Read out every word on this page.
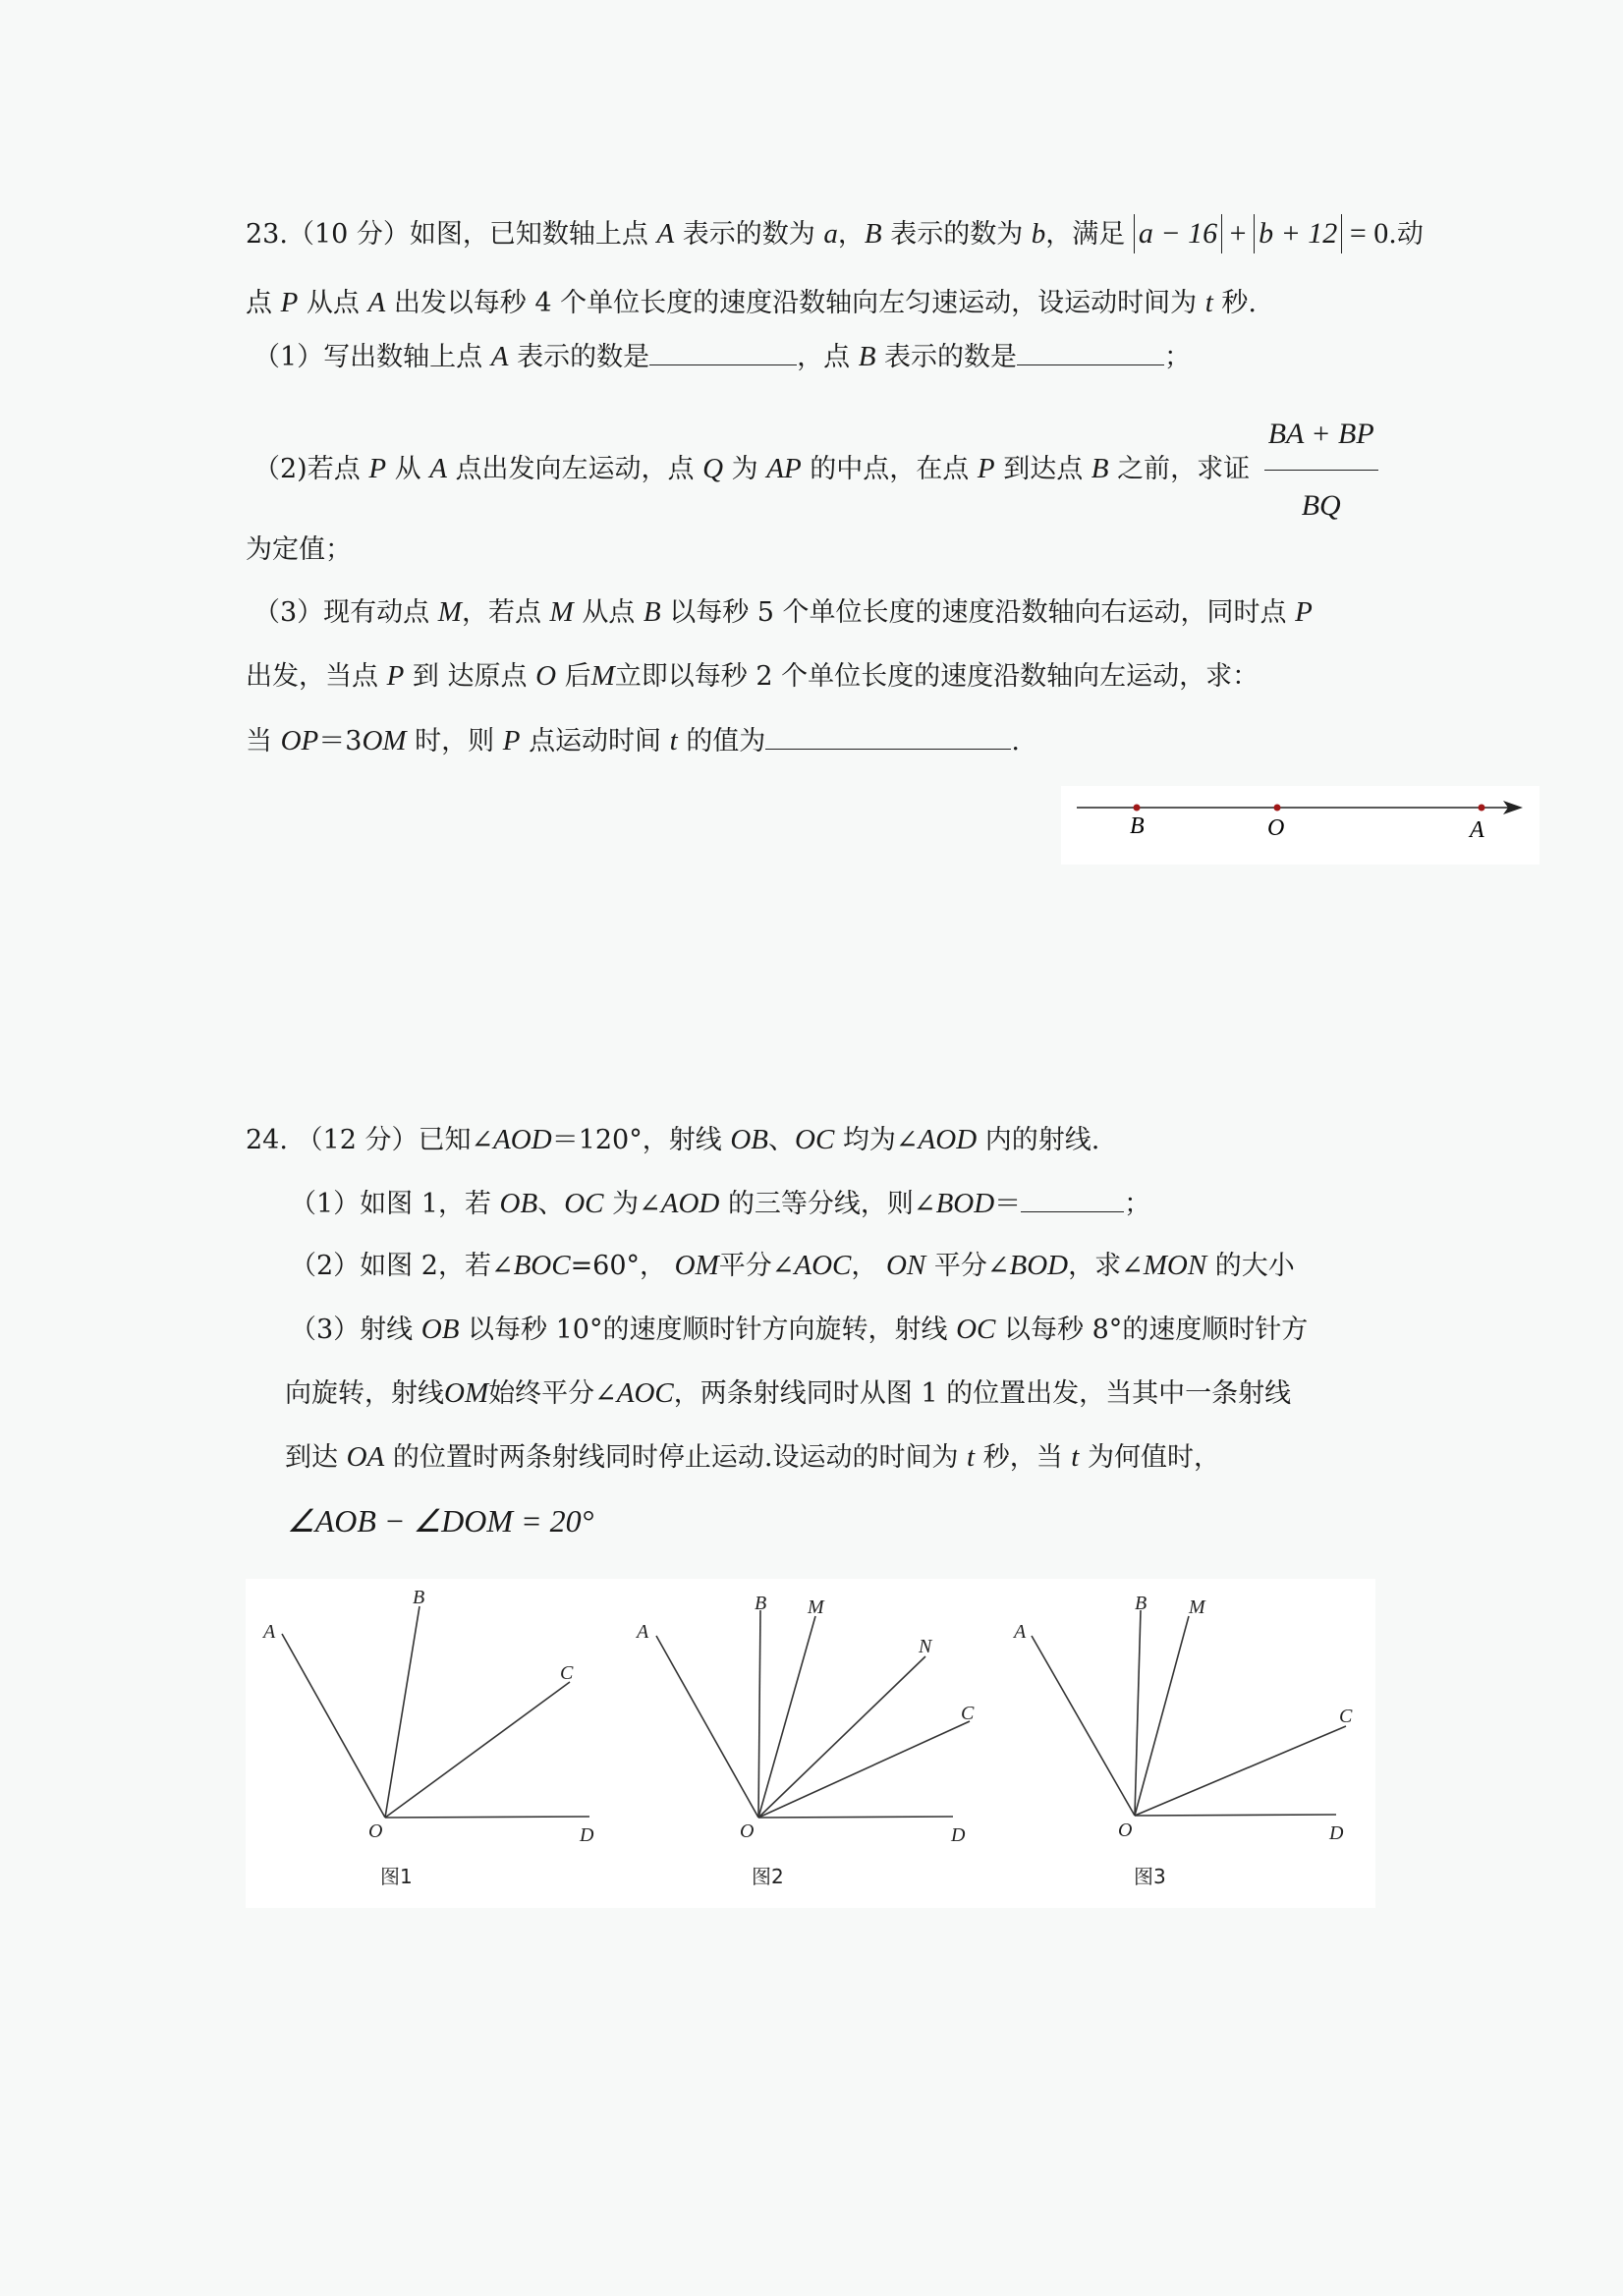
23.（10 分）如图，已知数轴上点 A 表示的数为 a，B 表示的数为 b，满足 a − 16 + b + 12 = 0.动
点 P 从点 A 出发以每秒 4 个单位长度的速度沿数轴向左匀速运动，设运动时间为 t 秒.
（1）写出数轴上点 A 表示的数是	，点 B 表示的数是	；
（2)若点 P 从 A 点出发向左运动，点 Q 为 AP 的中点，在点 P 到达点 B 之前，求证 $\frac{BA + BP}{BQ}$
为定值；
（3）现有动点 M，若点 M 从点 B 以每秒 5 个单位长度的速度沿数轴向右运动，同时点 P
出发，当点 P 到 达原点 O 后M立即以每秒 2 个单位长度的速度沿数轴向左运动，求：
当 OP＝3OM 时，则 P 点运动时间 t 的值为	.
B	O	A
24. （12 分）已知∠AOD＝120°，射线 OB、OC 均为∠AOD 内的射线.
（1）如图 1，若 OB、OC 为∠AOD 的三等分线，则∠BOD＝	；
（2）如图 2，若∠BOC=60°， OM平分∠AOC， ON 平分∠BOD，求∠MON 的大小
（3）射线 OB 以每秒 10°的速度顺时针方向旋转，射线 OC 以每秒 8°的速度顺时针方
向旋转，射线OM始终平分∠AOC，两条射线同时从图 1 的位置出发，当其中一条射线
到达 OA 的位置时两条射线同时停止运动.设运动的时间为 t 秒，当 t 为何值时，
∠AOB − ∠DOM = 20°
A
B
C
O	D
图1
A
B M
N
C
O	D
图2
A
B M
C
O	D
图3
